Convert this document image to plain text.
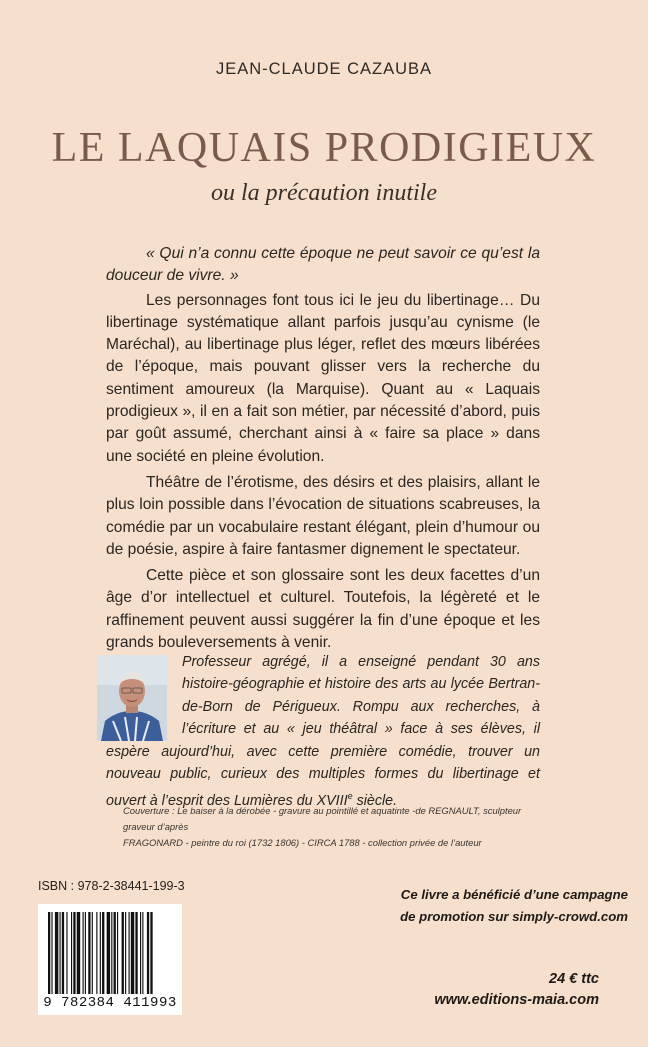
JEAN-CLAUDE CAZAUBA
LE LAQUAIS PRODIGIEUX
ou la précaution inutile

« Qui n’a connu cette époque ne peut savoir ce qu’est la douceur de vivre. »

Les personnages font tous ici le jeu du libertinage… Du libertinage systématique allant parfois jusqu’au cynisme (le Maréchal), au libertinage plus léger, reflet des mœurs libérées de l’époque, mais pouvant glisser vers la recherche du sentiment amoureux (la Marquise). Quant au « Laquais prodigieux », il en a fait son métier, par nécessité d’abord, puis par goût assumé, cherchant ainsi à « faire sa place » dans une société en pleine évolution.

Théâtre de l’érotisme, des désirs et des plaisirs, allant le plus loin possible dans l’évocation de situations scabreuses, la comédie par un vocabulaire restant élégant, plein d’humour ou de poésie, aspire à faire fantasmer dignement le spectateur.

Cette pièce et son glossaire sont les deux facettes d’un âge d’or intellectuel et culturel. Toutefois, la légèreté et le raffinement peuvent aussi suggérer la fin d’une époque et les grands bouleversements à venir.

Professeur agrégé, il a enseigné pendant 30 ans histoire-géographie et histoire des arts au lycée Bertran-de-Born de Périgueux. Rompu aux recherches, à l’écriture et au « jeu théâtral » face à ses élèves, il espère aujourd’hui, avec cette première comédie, trouver un nouveau public, curieux des multiples formes du libertinage et ouvert à l’esprit des Lumières du XVIIIe siècle.
Couverture : Le baiser à la dérobée - gravure au pointillé et aquatinte -de REGNAULT, sculpteur graveur d’après
FRAGONARD - peintre du roi (1732 1806) - CIRCA 1788 - collection privée de l’auteur
ISBN : 978-2-38441-199-3
9 782384 411993
Ce livre a bénéficié d’une campagne
de promotion sur simply-crowd.com
24 € ttc
www.editions-maia.com
